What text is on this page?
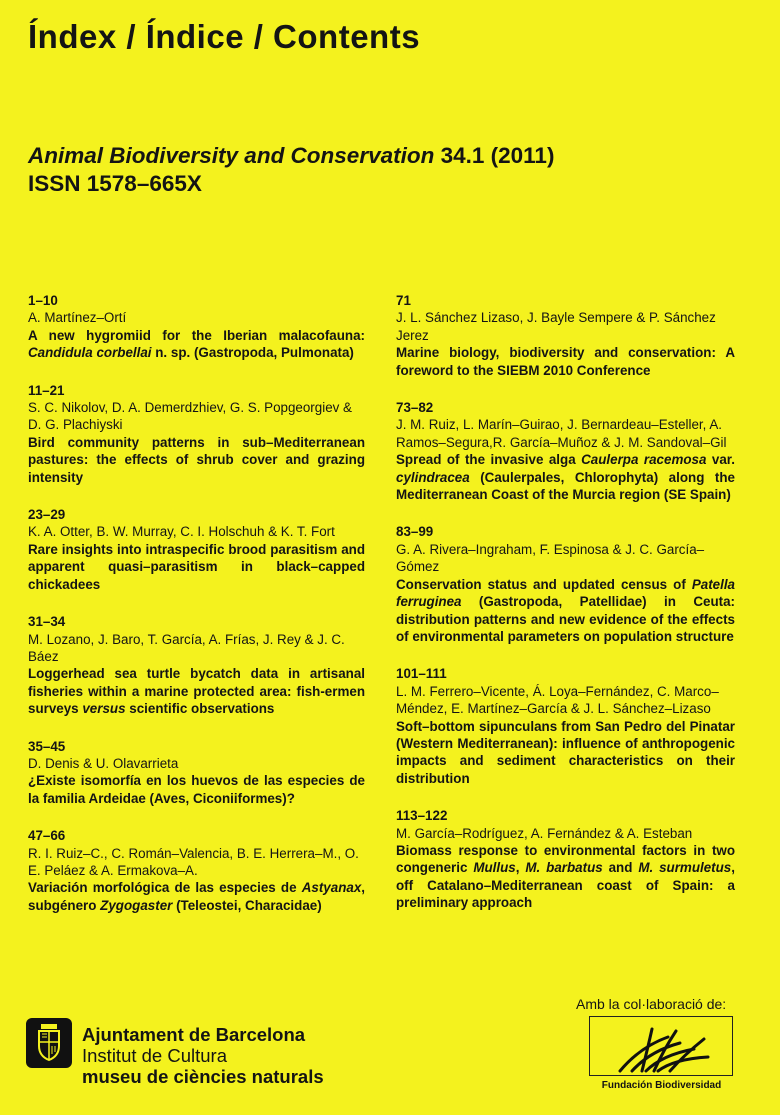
Índex / Índice / Contents
Animal Biodiversity and Conservation 34.1 (2011)
ISSN 1578–665X
1–10
A. Martínez–Ortí
A new hygromiid for the Iberian malacofauna: Candidula corbellai n. sp. (Gastropoda, Pulmonata)
11–21
S. C. Nikolov, D. A. Demerdzhiev, G. S. Popgeorgiev & D. G. Plachiyski
Bird community patterns in sub–Mediterranean pastures: the effects of shrub cover and grazing intensity
23–29
K. A. Otter, B. W. Murray, C. I. Holschuh & K. T. Fort
Rare insights into intraspecific brood parasitism and apparent quasi–parasitism in black–capped chickadees
31–34
M. Lozano, J. Baro, T. García, A. Frías, J. Rey & J. C. Báez
Loggerhead sea turtle bycatch data in artisanal fisheries within a marine protected area: fish-ermen surveys versus scientific observations
35–45
D. Denis & U. Olavarrieta
¿Existe isomorfía en los huevos de las especies de la familia Ardeidae (Aves, Ciconiiformes)?
47–66
R. I. Ruiz–C., C. Román–Valencia, B. E. Herrera–M., O. E. Peláez & A. Ermakova–A.
Variación morfológica de las especies de Astyanax, subgénero Zygogaster (Teleostei, Characidae)
71
J. L. Sánchez Lizaso, J. Bayle Sempere & P. Sánchez Jerez
Marine biology, biodiversity and conservation: A foreword to the SIEBM 2010 Conference
73–82
J. M. Ruiz, L. Marín–Guirao, J. Bernardeau–Esteller, A. Ramos–Segura,R. García–Muñoz & J. M. Sandoval–Gil
Spread of the invasive alga Caulerpa racemosa var. cylindracea (Caulerpales, Chlorophyta) along the Mediterranean Coast of the Murcia region (SE Spain)
83–99
G. A. Rivera–Ingraham, F. Espinosa & J. C. García–Gómez
Conservation status and updated census of Patella ferruginea (Gastropoda, Patellidae) in Ceuta: distribution patterns and new evidence of the effects of environmental parameters on population structure
101–111
L. M. Ferrero–Vicente, Á. Loya–Fernández, C. Marco–Méndez, E. Martínez–García & J. L. Sánchez–Lizaso
Soft–bottom sipunculans from San Pedro del Pinatar (Western Mediterranean): influence of anthropogenic impacts and sediment characteristics on their distribution
113–122
M. García–Rodríguez, A. Fernández & A. Esteban
Biomass response to environmental factors in two congeneric Mullus, M. barbatus and M. surmuletus, off Catalano–Mediterranean coast of Spain: a preliminary approach
Ajuntament de Barcelona
Institut de Cultura
museu de ciències naturals
Amb la col·laboració de:
Fundación Biodiversidad
